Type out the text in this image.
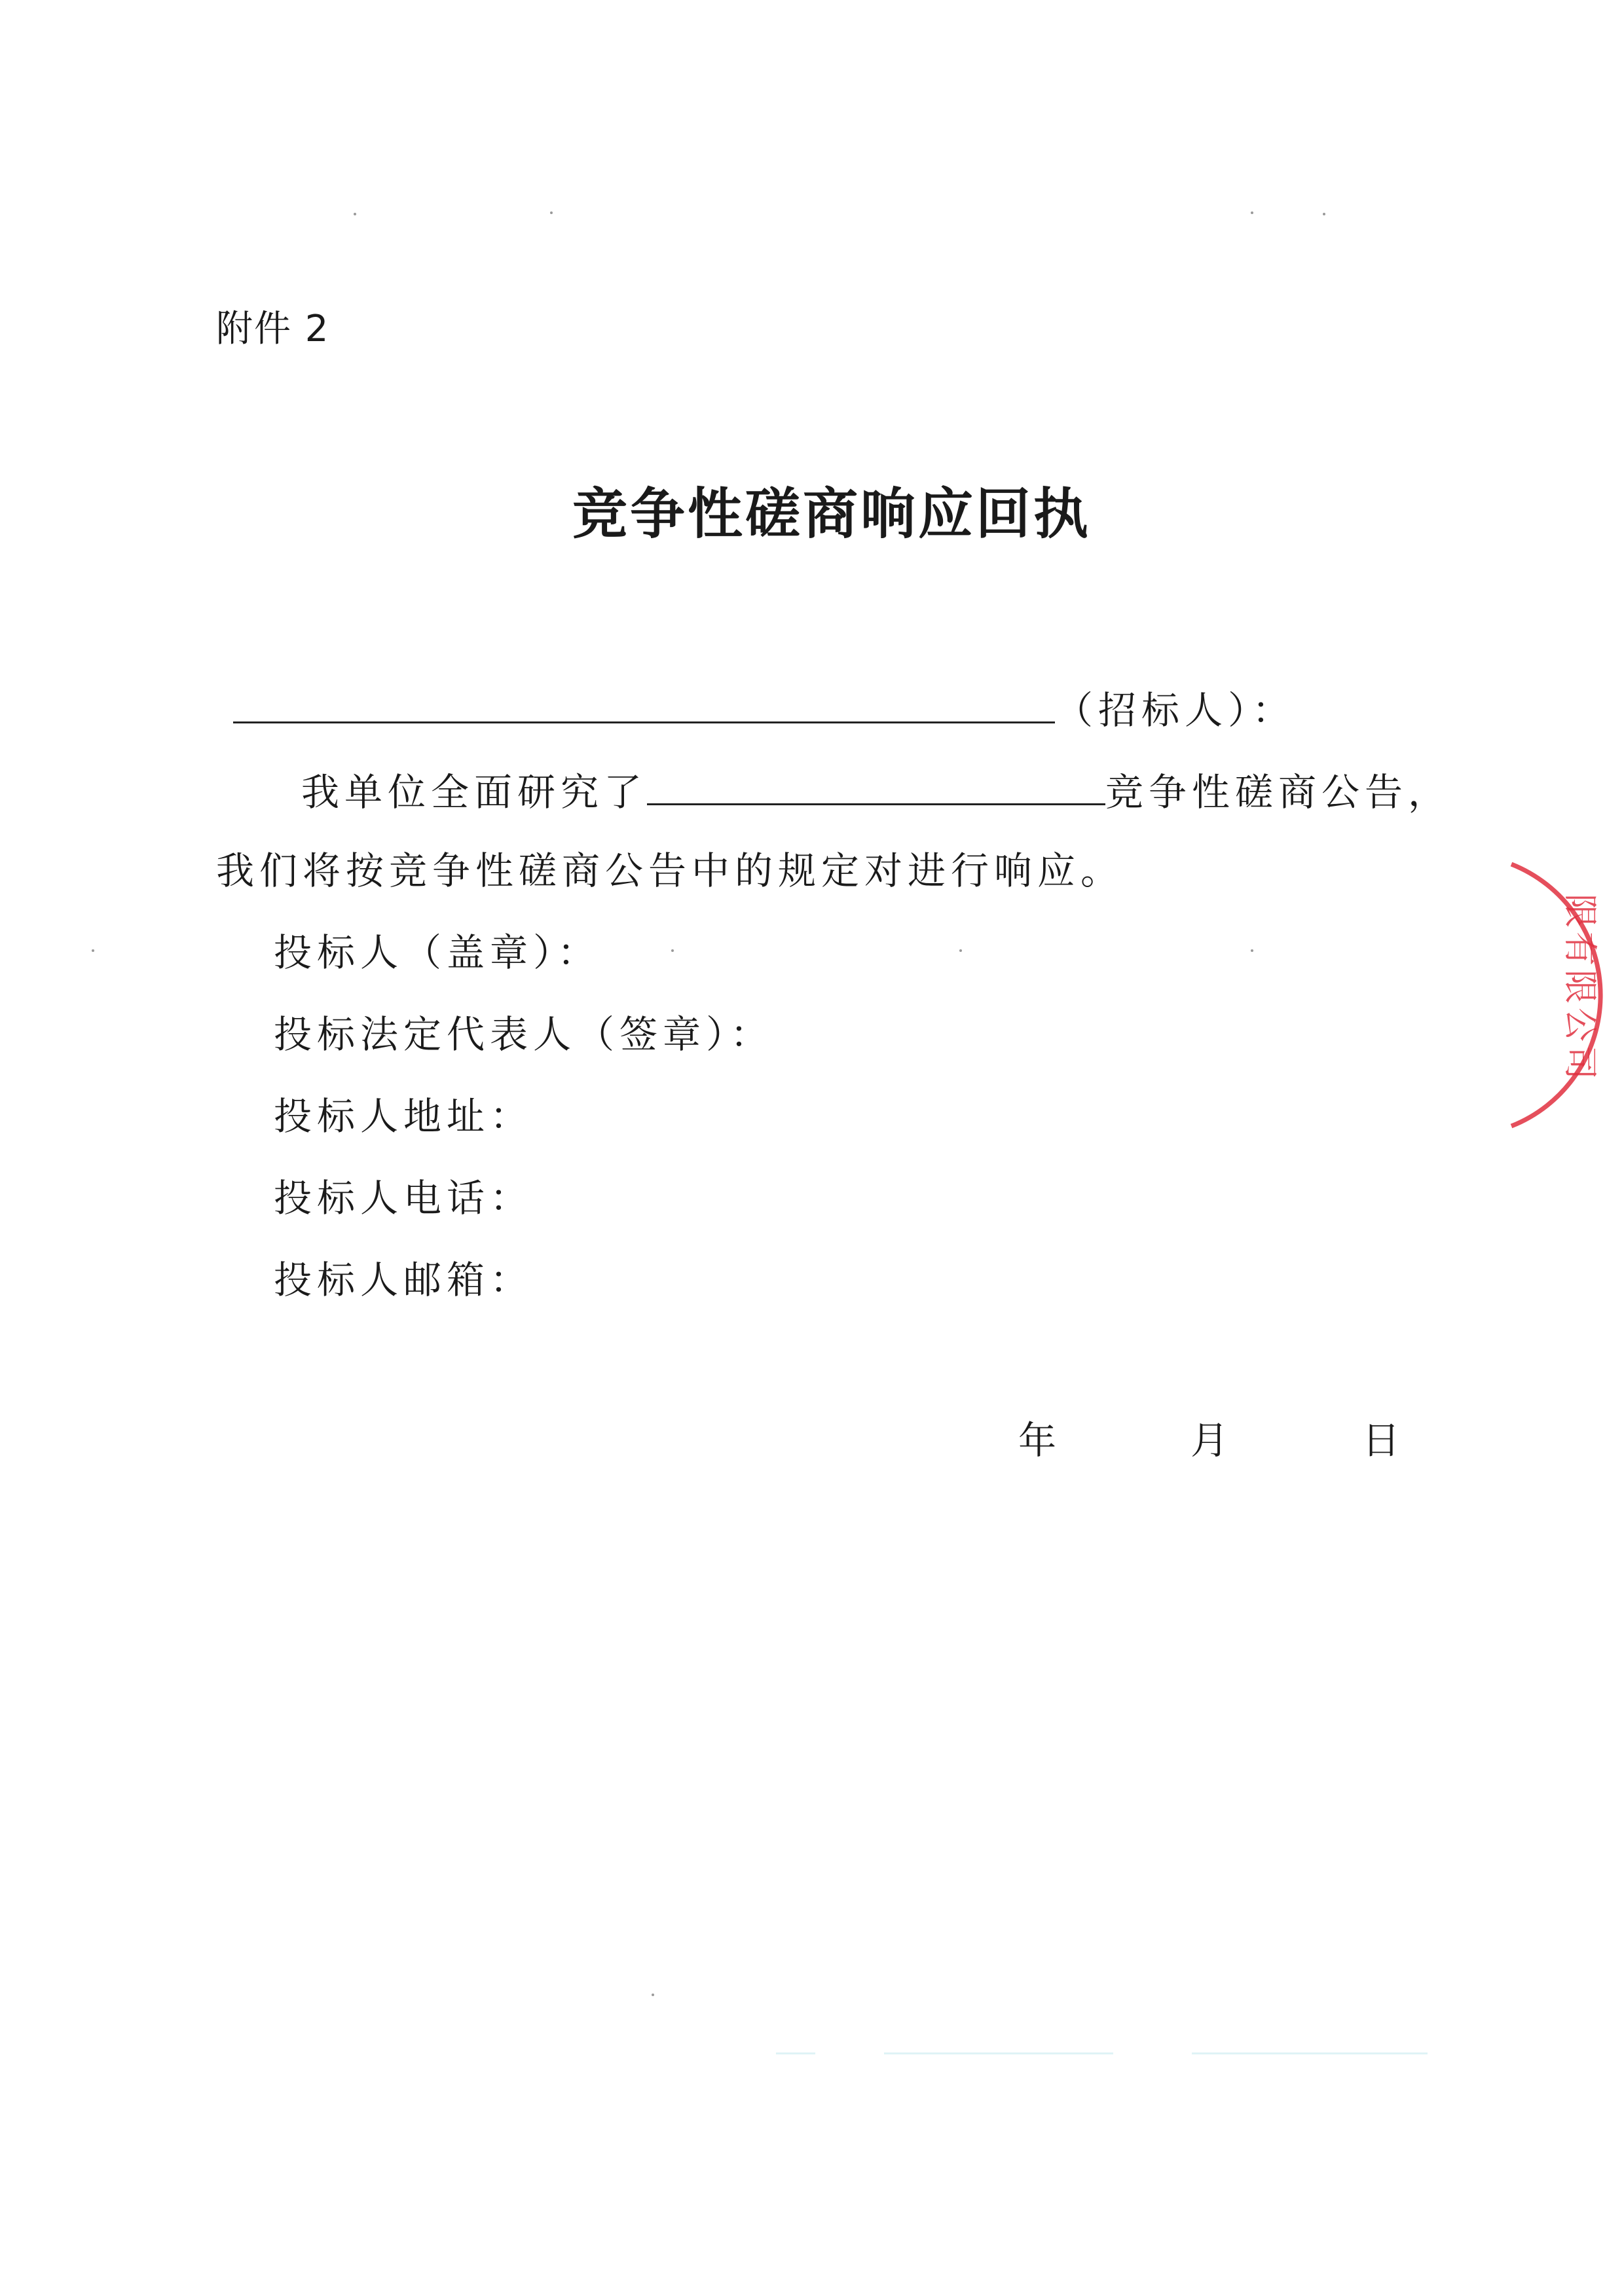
附件 2
竞争性磋商响应回执
（招标人）：
我单位全面研究了	竞争性磋商公告，
我们将按竞争性磋商公告中的规定对进行响应。
投标人（盖章）：
投标法定代表人（签章）：
投标人地址：
投标人电话：
投标人邮箱：
年	月	日
限有限公司
